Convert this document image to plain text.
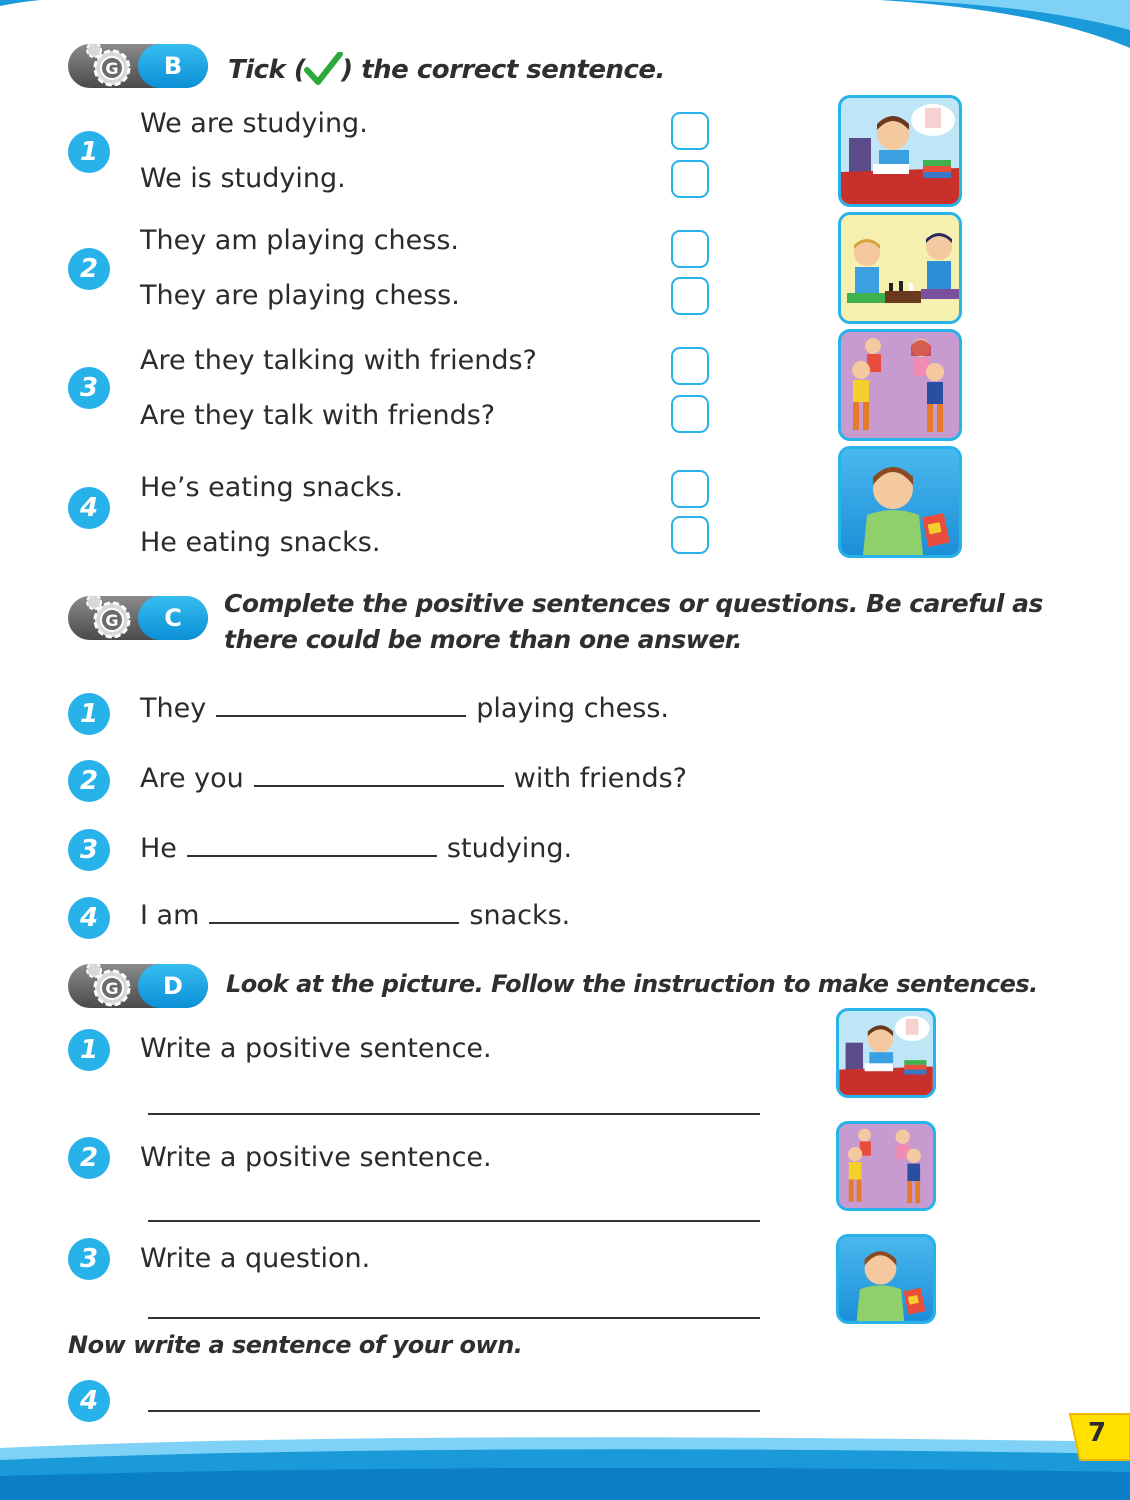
B
G	Tick ( ) the correct sentence.
1
We are studying.
We is studying.
2
They am playing chess.
They are playing chess.
3
Are they talking with friends?
Are they talk with friends?
4
He’s eating snacks.
He eating snacks.
C
G
Complete the positive sentences or questions. Be careful as
there could be more than one answer.
1	They	playing chess.
2	Are you	with friends?
3	He	studying.
4	I am	snacks.
D
G	Look at the picture. Follow the instruction to make sentences.
1	Write a positive sentence.
2	Write a positive sentence.
3	Write a question.
Now write a sentence of your own.
4
7
